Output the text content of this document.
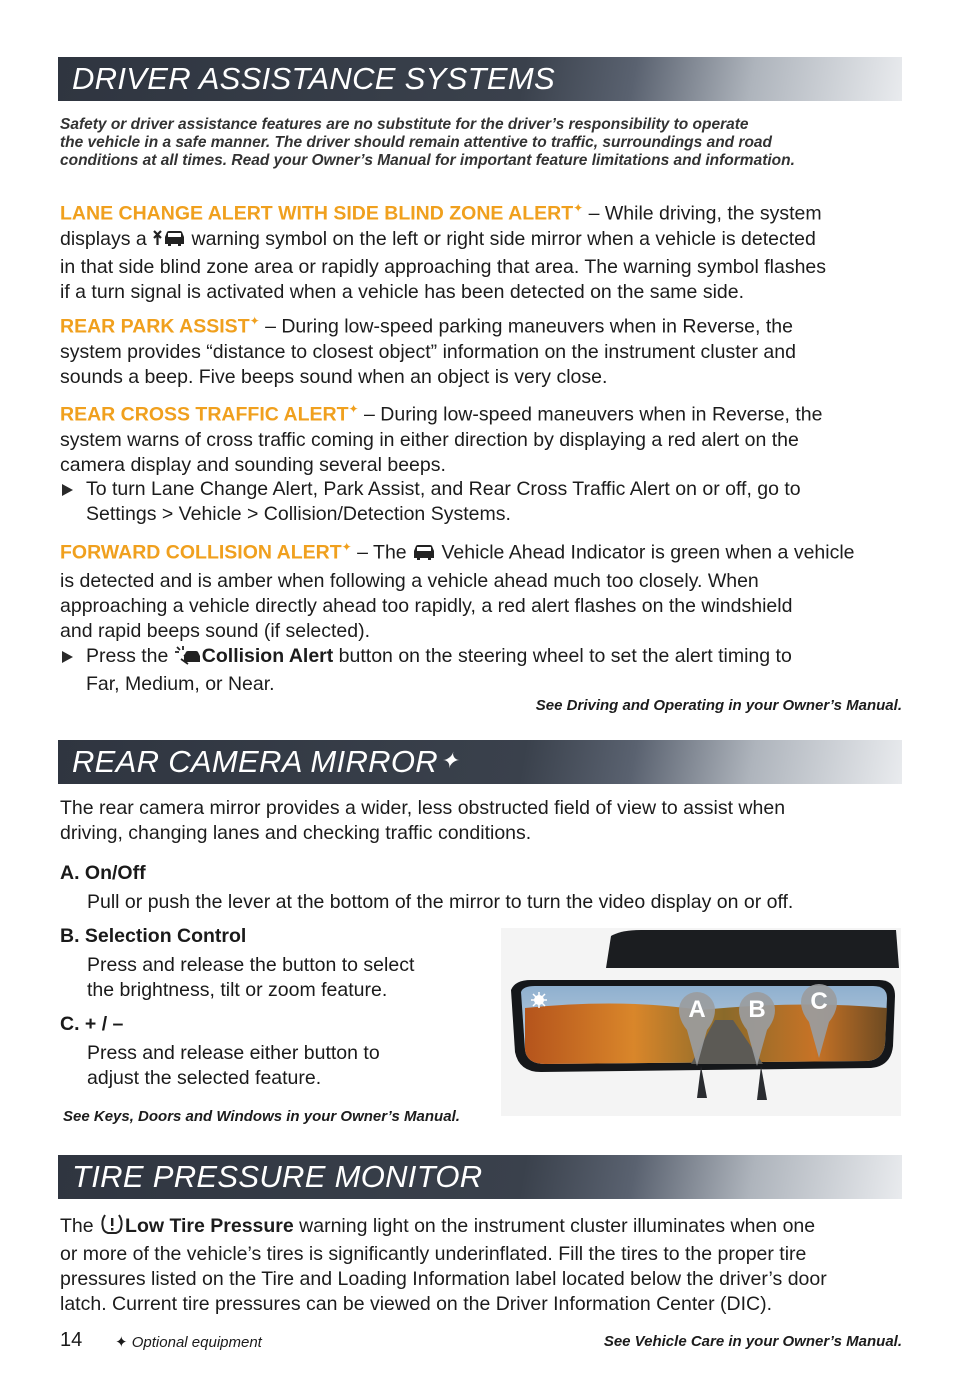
DRIVER ASSISTANCE SYSTEMS
Safety or driver assistance features are no substitute for the driver’s responsibility to operate
the vehicle in a safe manner. The driver should remain attentive to traffic, surroundings and road
conditions at all times. Read your Owner’s Manual for important feature limitations and information.
LANE CHANGE ALERT WITH SIDE BLIND ZONE ALERT✦ – While driving, the system
displays a  warning symbol on the left or right side mirror when a vehicle is detected
in that side blind zone area or rapidly approaching that area. The warning symbol flashes
if a turn signal is activated when a vehicle has been detected on the same side.
REAR PARK ASSIST✦ – During low-speed parking maneuvers when in Reverse, the
system provides “distance to closest object” information on the instrument cluster and
sounds a beep. Five beeps sound when an object is very close.
REAR CROSS TRAFFIC ALERT✦ – During low-speed maneuvers when in Reverse, the
system warns of cross traffic coming in either direction by displaying a red alert on the
camera display and sounding several beeps.
To turn Lane Change Alert, Park Assist, and Rear Cross Traffic Alert on or off, go to
Settings > Vehicle > Collision/Detection Systems.
FORWARD COLLISION ALERT✦ – The  Vehicle Ahead Indicator is green when a vehicle
is detected and is amber when following a vehicle ahead much too closely. When
approaching a vehicle directly ahead too rapidly, a red alert flashes on the windshield
and rapid beeps sound (if selected).
Press the Collision Alert button on the steering wheel to set the alert timing to
Far, Medium, or Near.
See Driving and Operating in your Owner’s Manual.
REAR CAMERA MIRROR✦
The rear camera mirror provides a wider, less obstructed field of view to assist when
driving, changing lanes and checking traffic conditions.
A. On/Off
Pull or push the lever at the bottom of the mirror to turn the video display on or off.
B. Selection Control
Press and release the button to select
the brightness, tilt or zoom feature.
C. + / –
Press and release either button to
adjust the selected feature.
See Keys, Doors and Windows in your Owner’s Manual.
A	B	C
TIRE PRESSURE MONITOR
The Low Tire Pressure warning light on the instrument cluster illuminates when one
or more of the vehicle’s tires is significantly underinflated. Fill the tires to the proper tire
pressures listed on the Tire and Loading Information label located below the driver’s door
latch. Current tire pressures can be viewed on the Driver Information Center (DIC).
14 ✦ Optional equipment	See Vehicle Care in your Owner’s Manual.
